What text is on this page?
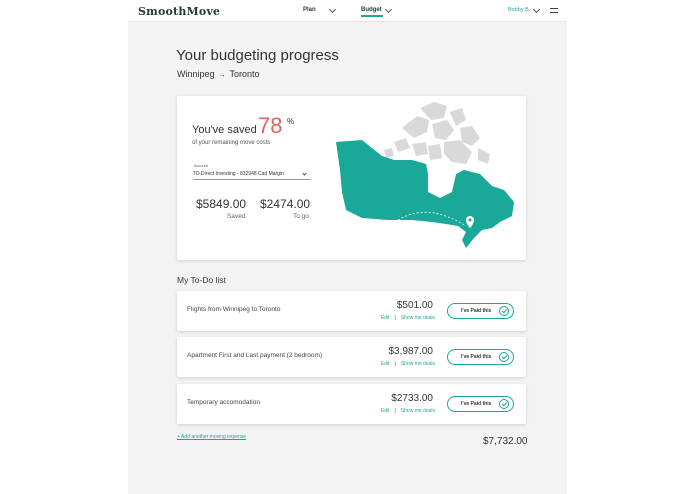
SmoothMove	Plan	Budget	Bobby B.
Your budgeting progress
Winnipeg → Toronto
You've saved 78 %
of your remaining move costs
Account
TD Direct Investing - 832948 Cad Margin
$5849.00
Saved
$2474.00
To go
My To-Do list
Flights from Winnipeg to Toronto	$501.00
Edit | Show me deals
I've Paid this
Apartment First and Last payment (2 bedroom)	$3,987.00
Edit | Show me deals
I've Paid this
Temporary accomodation	$2733.00
Edit | Show me deals
I've Paid this
+ Add another moving expense	$7,732.00
